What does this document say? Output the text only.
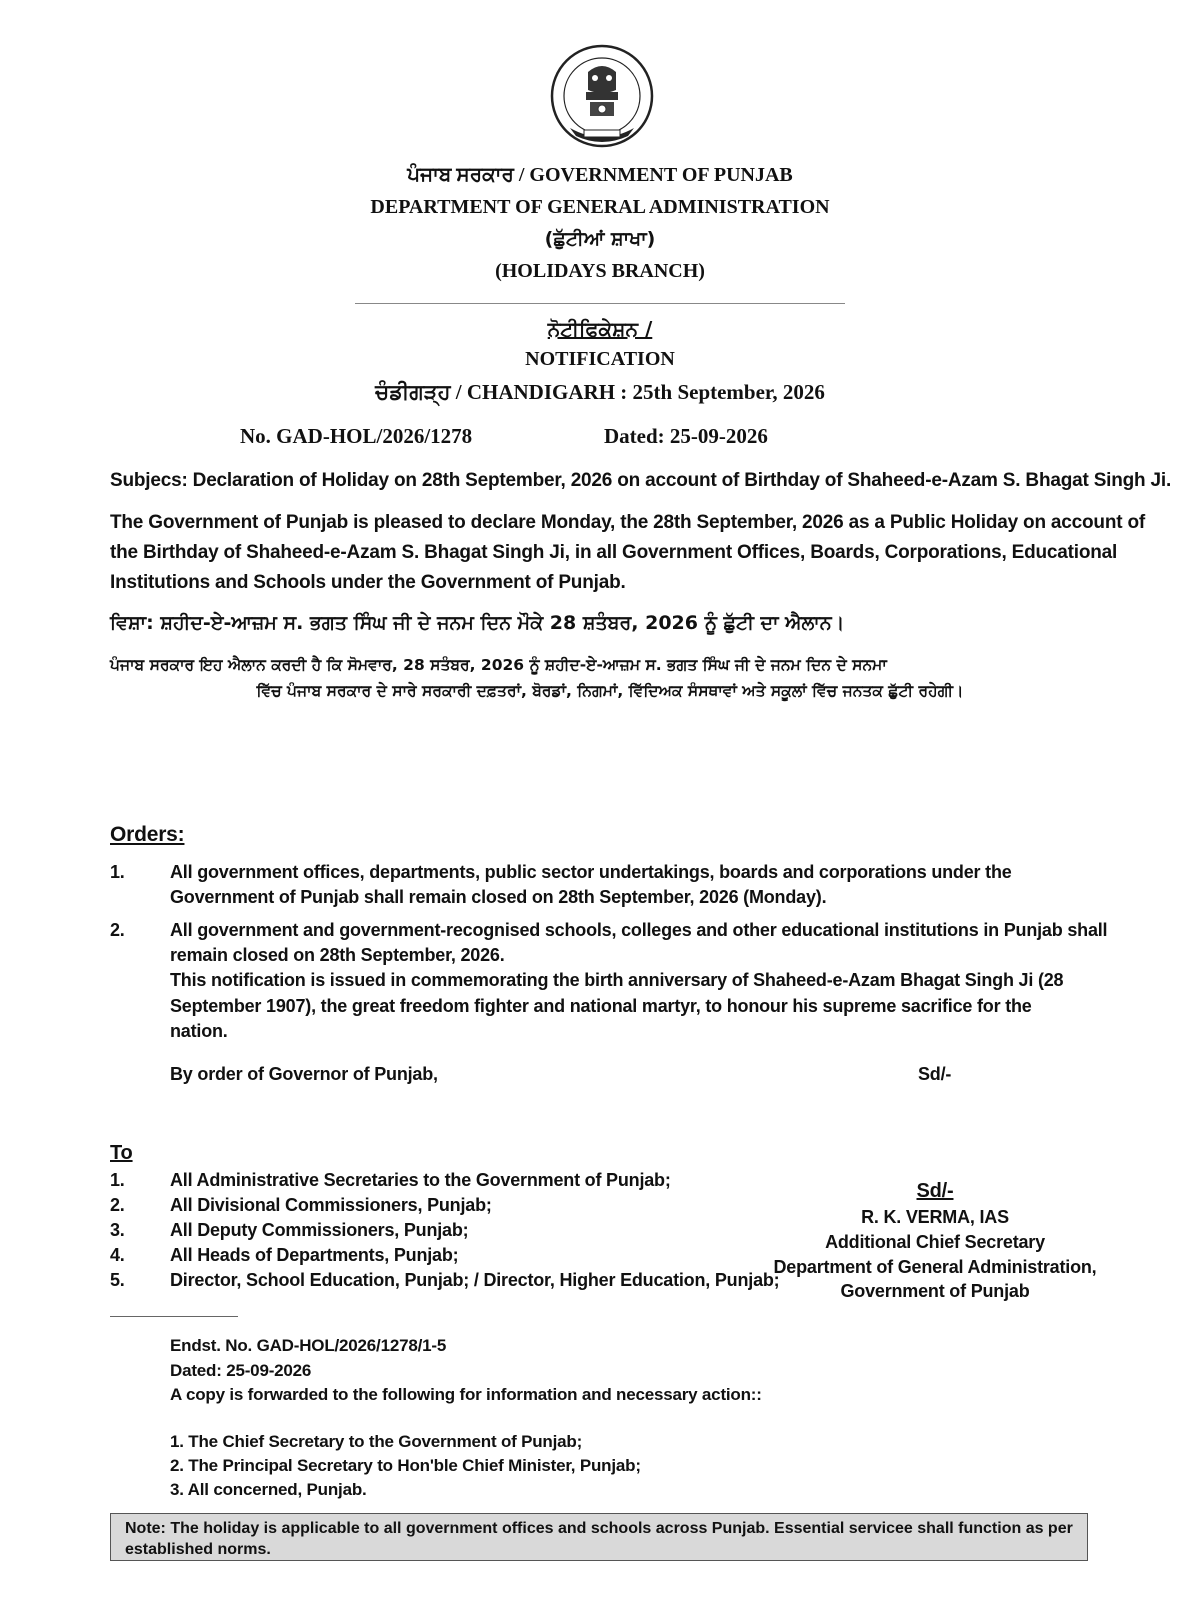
ਪੰਜਾਬ ਸਰਕਾਰ / GOVERNMENT OF PUNJAB
DEPARTMENT OF GENERAL ADMINISTRATION
(ਛੁੱਟੀਆਂ ਸ਼ਾਖਾ)
(HOLIDAYS BRANCH)
ਨੋਟੀਫਿਕੇਸ਼ਨ /
NOTIFICATION
ਚੰਡੀਗੜ੍ਹ / CHANDIGARH : 25th September, 2026
No. GAD-HOL/2026/1278	Dated: 25-09-2026
Subjecs: Declaration of Holiday on 28th September, 2026 on account of Birthday of Shaheed-e-Azam S. Bhagat Singh Ji.
The Government of Punjab is pleased to declare Monday, the 28th September, 2026 as a Public Holiday on account of
the Birthday of Shaheed-e-Azam S. Bhagat Singh Ji, in all Government Offices, Boards, Corporations, Educational
Institutions and Schools under the Government of Punjab.
ਵਿਸ਼ਾ: ਸ਼ਹੀਦ-ਏ-ਆਜ਼ਮ ਸ. ਭਗਤ ਸਿੰਘ ਜੀ ਦੇ ਜਨਮ ਦਿਨ ਮੌਕੇ 28 ਸ਼ਤੰਬਰ, 2026 ਨੂੰ ਛੁੱਟੀ ਦਾ ਐਲਾਨ।
ਪੰਜਾਬ ਸਰਕਾਰ ਇਹ ਐਲਾਨ ਕਰਦੀ ਹੈ ਕਿ ਸੋਮਵਾਰ, 28 ਸਤੰਬਰ, 2026 ਨੂੰ ਸ਼ਹੀਦ-ਏ-ਆਜ਼ਮ ਸ. ਭਗਤ ਸਿੰਘ ਜੀ ਦੇ ਜਨਮ ਦਿਨ ਦੇ ਸਨਮਾ
ਵਿੱਚ ਪੰਜਾਬ ਸਰਕਾਰ ਦੇ ਸਾਰੇ ਸਰਕਾਰੀ ਦਫ਼ਤਰਾਂ, ਬੋਰਡਾਂ, ਨਿਗਮਾਂ, ਵਿੱਦਿਅਕ ਸੰਸਥਾਵਾਂ ਅਤੇ ਸਕੂਲਾਂ ਵਿੱਚ ਜਨਤਕ ਛੁੱਟੀ ਰਹੇਗੀ।
Orders:
1.	All government offices, departments, public sector undertakings, boards and corporations under the
Government of Punjab shall remain closed on 28th September, 2026 (Monday).
2.	All government and government-recognised schools, colleges and other educational institutions in Punjab shall
remain closed on 28th September, 2026.
This notification is issued in commemorating the birth anniversary of Shaheed-e-Azam Bhagat Singh Ji (28
September 1907), the great freedom fighter and national martyr, to honour his supreme sacrifice for the
nation.
By order of Governor of Punjab,	Sd/-
To
1.	All Administrative Secretaries to the Government of Punjab;
2.	All Divisional Commissioners, Punjab;
3.	All Deputy Commissioners, Punjab;
4.	All Heads of Departments, Punjab;
5.	Director, School Education, Punjab; / Director, Higher Education, Punjab;
Sd/-
R. K. VERMA, IAS
Additional Chief Secretary
Department of General Administration,
Government of Punjab
Endst. No. GAD-HOL/2026/1278/1-5
Dated: 25-09-2026
A copy is forwarded to the following for information and necessary action::
1. The Chief Secretary to the Government of Punjab;
2. The Principal Secretary to Hon'ble Chief Minister, Punjab;
3. All concerned, Punjab.
Note: The holiday is applicable to all government offices and schools across Punjab. Essential servicee shall function as per established norms.
